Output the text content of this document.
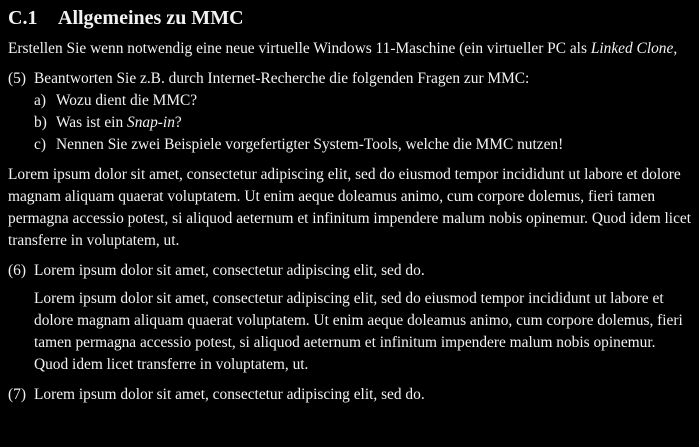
C.1	Allgemeines zu MMC

Erstellen Sie wenn notwendig eine neue virtuelle Windows 11-Maschine (ein virtueller PC als Linked Clone,

(5) Beantworten Sie z.B. durch Internet-Recherche die folgenden Fragen zur MMC:
a) Wozu dient die MMC?
b) Was ist ein Snap-in?
c) Nennen Sie zwei Beispiele vorgefertigter System-Tools, welche die MMC nutzen!

Lorem ipsum dolor sit amet, consectetur adipiscing elit, sed do eiusmod tempor incididunt ut labore et dolore magnam aliquam quaerat voluptatem. Ut enim aeque doleamus animo, cum corpore dolemus, fieri tamen permagna accessio potest, si aliquod aeternum et infinitum impendere malum nobis opinemur. Quod idem licet transferre in voluptatem, ut.

(6) Lorem ipsum dolor sit amet, consectetur adipiscing elit, sed do.

Lorem ipsum dolor sit amet, consectetur adipiscing elit, sed do eiusmod tempor incididunt ut labore et dolore magnam aliquam quaerat voluptatem. Ut enim aeque doleamus animo, cum corpore dolemus, fieri tamen permagna accessio potest, si aliquod aeternum et infinitum impendere malum nobis opinemur. Quod idem licet transferre in voluptatem, ut.

(7) Lorem ipsum dolor sit amet, consectetur adipiscing elit, sed do.
